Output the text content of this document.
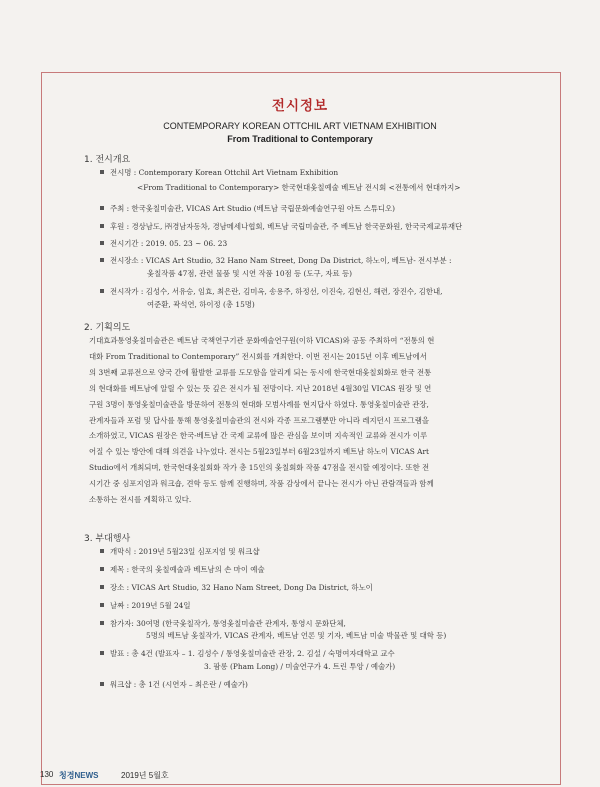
전시정보
CONTEMPORARY KOREAN OTTCHIL ART VIETNAM EXHIBITION
From Traditional to Contemporary
1. 전시개요
전시명 : Contemporary Korean Ottchil Art Vietnam Exhibition
<From Traditional to Contemporary> 한국현대옻칠예술 베트남 전시회 <전통에서 현대까지>
주최 : 한국옻칠미술관, VICAS Art Studio (베트남 국립문화예술연구원 아트 스튜디오)
후원 : 경상남도, ㈜경남자동차, 경남메세나협회, 베트남 국립미술관, 주 베트남 한국문화원, 한국국제교류재단
전시기간 : 2019. 05. 23 ~ 06. 23
전시장소 : VICAS Art Studio, 32 Hano Nam Street, Dong Da District, 하노이, 베트남- 전시부분 :
옻칠작품 47점, 관련 물품 및 시연 작품 10점 등 (도구, 자료 등)
전시작가 : 김성수, 서유승, 임효, 최은란, 김미옥, 송용주, 하정선, 이진숙, 김현신, 해련, 장진수, 김한내,
여준환, 곽석연, 하이정 (총 15명)
2. 기획의도
기대효과통영옻칠미술관은 베트남 국책연구기관 문화예술연구원(이하 VICAS)와 공동 주최하여 “전통의 현
대화 From Traditional to Contemporary” 전시회를 개최한다. 이번 전시는 2015년 이후 베트남에서
의 3번째 교류전으로 양국 간에 활발한 교류를 도모함을 알리게 되는 동시에 한국현대옻칠회화로 한국 전통
의 현대화를 베트남에 알릴 수 있는 뜻 깊은 전시가 될 전망이다. 지난 2018년 4월30일 VICAS 원장 및 연
구원 3명이 통영옻칠미술관을 방문하여 전통의 현대화 모범사례를 현지답사 하였다. 통영옻칠미술관 관장,
관계자들과 포럼 및 답사를 통해 통영옻칠미술관의 전시와 각종 프로그램뿐만 아니라 레지던시 프로그램을
소개하였고, VICAS 원장은 한국-베트남 간 국제 교류에 많은 관심을 보이며 지속적인 교류와 전시가 이루
어질 수 있는 방안에 대해 의견을 나누었다. 전시는 5월23일부터 6월23일까지 베트남 하노이 VICAS Art
Studio에서 개최되며, 한국현대옻칠회화 작가 총 15인의 옻칠회화 작품 47점을 전시할 예정이다. 또한 전
시기간 중 심포지엄과 워크숍, 견학 등도 함께 진행하며, 작품 감상에서 끝나는 전시가 아닌 관람객들과 함께
소통하는 전시를 계획하고 있다.
3. 부대행사
개막식 : 2019년 5월23일 심포지엄 및 워크샵
제목 : 한국의 옻칠예술과 베트남의 손 마이 예술
장소 : VICAS Art Studio, 32 Hano Nam Street, Dong Da District, 하노이
날짜 : 2019년 5월 24일
참가자: 30여명 (한국옻칠작가, 통영옻칠미술관 관계자, 통영시 문화단체,
5명의 베트남 옻칠작가, VICAS 관계자, 베트남 언론 및 기자, 베트남 미술 박물관 및 대학 등)
발표 : 총 4건 (발표자 – 1. 김성수 / 통영옻칠미술관 관장, 2. 김설 / 숙명여자대학교 교수
3. 팜롱 (Pham Long) / 미술연구가 4. 트린 투앙 / 예술가)
워크샵 : 총 1건 (시연자 – 최은란 / 예술가)
130 청경NEWS	2019년 5월호
